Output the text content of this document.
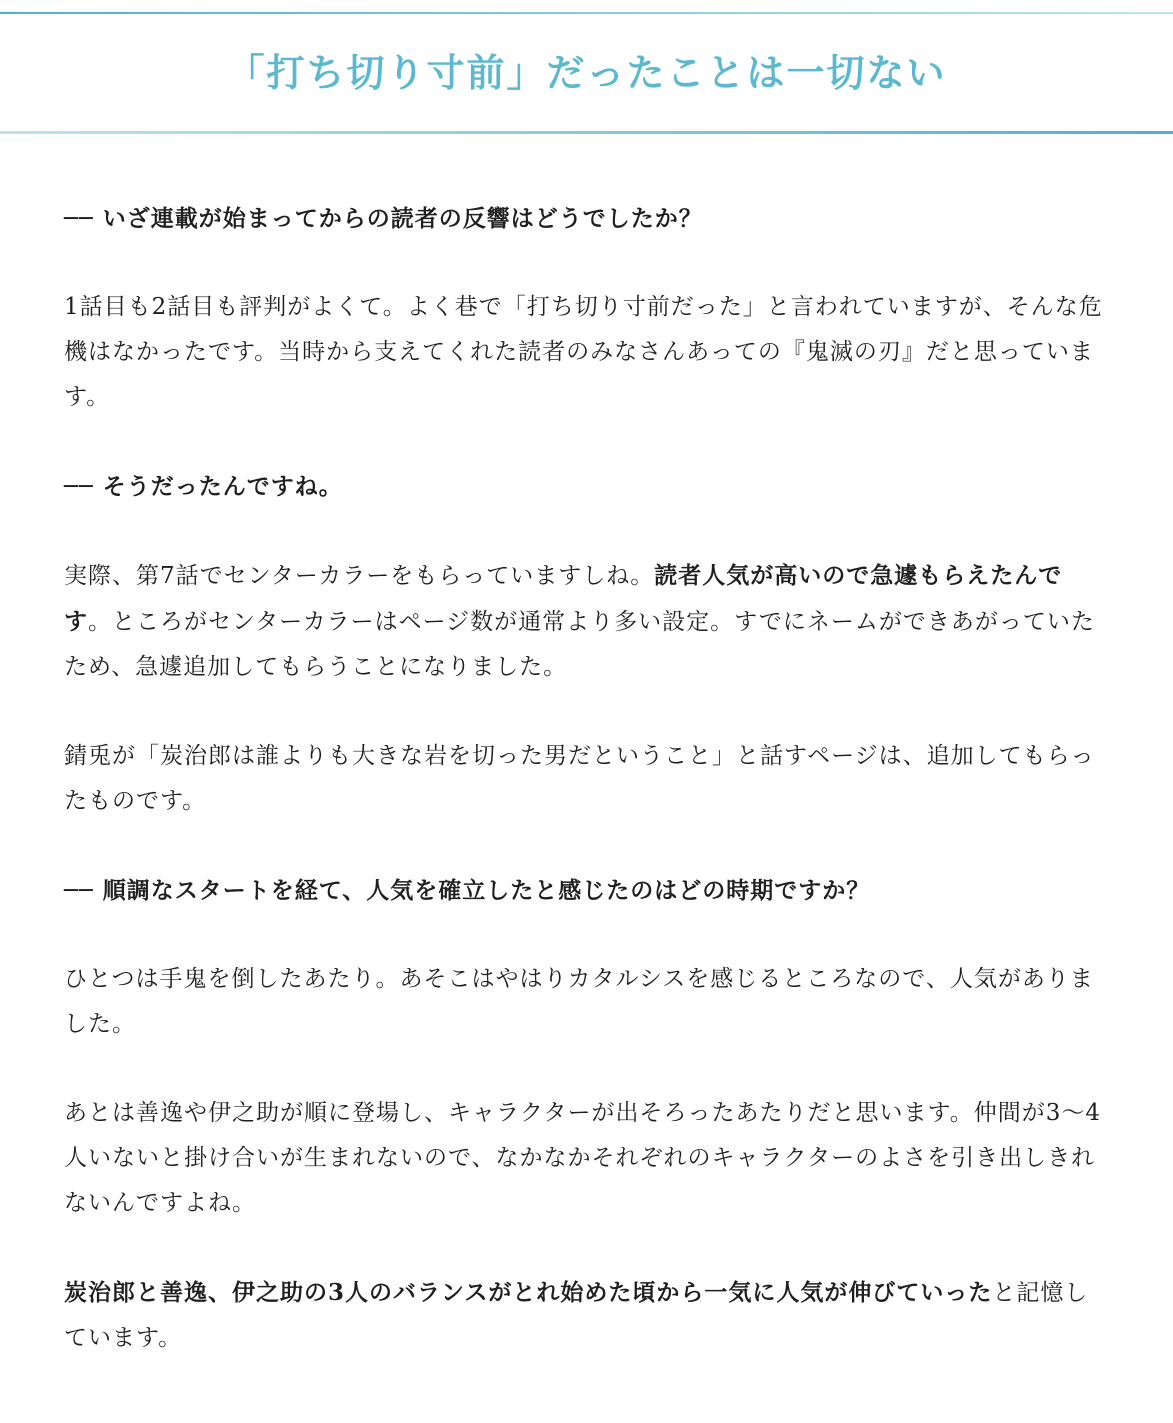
「打ち切り寸前」だったことは一切ない

── いざ連載が始まってからの読者の反響はどうでしたか？

1話目も2話目も評判がよくて。よく巷で「打ち切り寸前だった」と言われていますが、そんな危機はなかったです。当時から支えてくれた読者のみなさんあっての『鬼滅の刃』だと思っています。

── そうだったんですね。

実際、第7話でセンターカラーをもらっていますしね。読者人気が高いので急遽もらえたんです。ところがセンターカラーはページ数が通常より多い設定。すでにネームができあがっていたため、急遽追加してもらうことになりました。

錆兎が「炭治郎は誰よりも大きな岩を切った男だということ」と話すページは、追加してもらったものです。

── 順調なスタートを経て、人気を確立したと感じたのはどの時期ですか？

ひとつは手鬼を倒したあたり。あそこはやはりカタルシスを感じるところなので、人気がありました。

あとは善逸や伊之助が順に登場し、キャラクターが出そろったあたりだと思います。仲間が3〜4人いないと掛け合いが生まれないので、なかなかそれぞれのキャラクターのよさを引き出しきれないんですよね。

炭治郎と善逸、伊之助の3人のバランスがとれ始めた頃から一気に人気が伸びていったと記憶しています。
